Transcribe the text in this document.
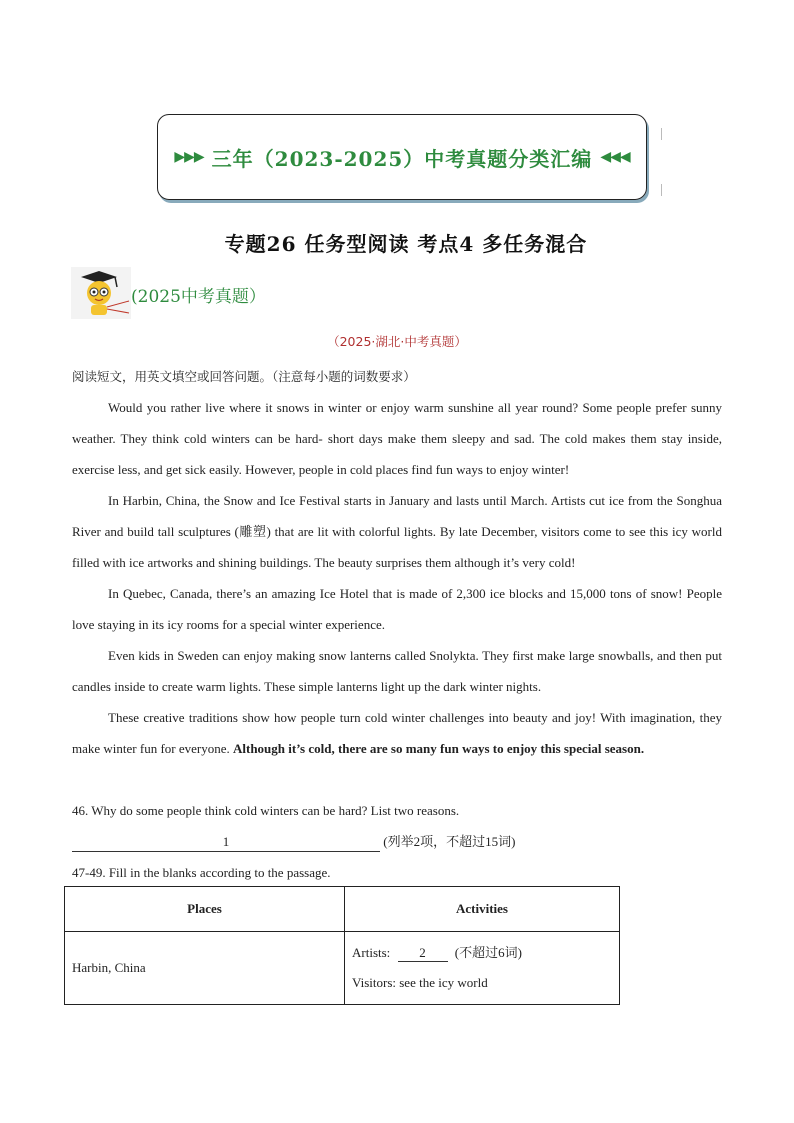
▶▶▶ 三年（2023-2025）中考真题分类汇编 ◀◀◀
专题26 任务型阅读 考点4 多任务混合
(2025中考真题）
（2025·湖北·中考真题）
阅读短文，用英文填空或回答问题。（注意每小题的词数要求）

Would you rather live where it snows in winter or enjoy warm sunshine all year round? Some people prefer sunny weather. They think cold winters can be hard- short days make them sleepy and sad. The cold makes them stay inside, exercise less, and get sick easily. However, people in cold places find fun ways to enjoy winter!

In Harbin, China, the Snow and Ice Festival starts in January and lasts until March. Artists cut ice from the Songhua River and build tall sculptures (雕塑) that are lit with colorful lights. By late December, visitors come to see this icy world filled with ice artworks and shining buildings. The beauty surprises them although it’s very cold!

In Quebec, Canada, there’s an amazing Ice Hotel that is made of 2,300 ice blocks and 15,000 tons of snow! People love staying in its icy rooms for a special winter experience.

Even kids in Sweden can enjoy making snow lanterns called Snolykta. They first make large snowballs, and then put candles inside to create warm lights. These simple lanterns light up the dark winter nights.

These creative traditions show how people turn cold winter challenges into beauty and joy! With imagination, they make winter fun for everyone. Although it’s cold, there are so many fun ways to enjoy this special season.

46. Why do some people think cold winters can be hard? List two reasons.
1	(列举2项，不超过15词)
47-49. Fill in the blanks according to the passage.
Places	Activities
Harbin, China	Artists: 2 (不超过6词)
Visitors: see the icy world
